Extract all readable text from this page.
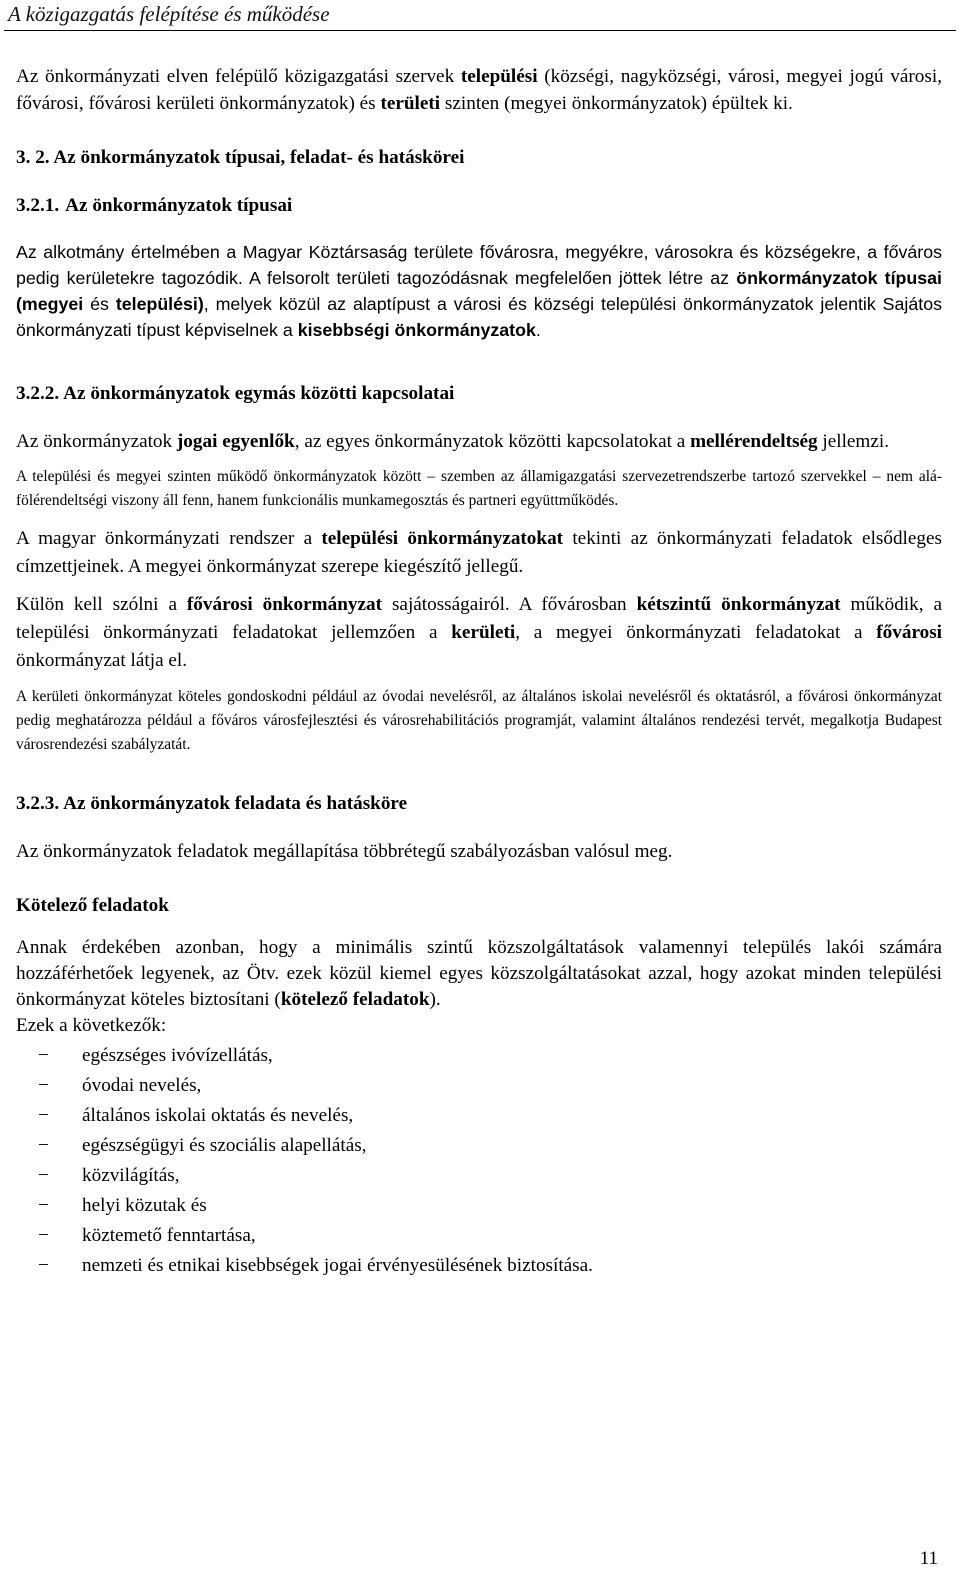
A közigazgatás felépítése és működése

Az önkormányzati elven felépülő közigazgatási szervek települési (községi, nagyközségi, városi, megyei jogú városi, fővárosi, fővárosi kerületi önkormányzatok) és területi szinten (megyei önkormányzatok) épültek ki.

3. 2. Az önkormányzatok típusai, feladat- és hatáskörei
3.2.1. Az önkormányzatok típusai

Az alkotmány értelmében a Magyar Köztársaság területe fővárosra, megyékre, városokra és községekre, a főváros pedig kerületekre tagozódik. A felsorolt területi tagozódásnak megfelelően jöttek létre az önkormányzatok típusai (megyei és települési), melyek közül az alaptípust a városi és községi települési önkormányzatok jelentik Sajátos önkormányzati típust képviselnek a kisebbségi önkormányzatok.

3.2.2. Az önkormányzatok egymás közötti kapcsolatai

Az önkormányzatok jogai egyenlők, az egyes önkormányzatok közötti kapcsolatokat a mellérendeltség jellemzi.

A települési és megyei szinten működő önkormányzatok között – szemben az államigazgatási szervezetrendszerbe tartozó szervekkel – nem alá-fölérendeltségi viszony áll fenn, hanem funkcionális munkamegosztás és partneri együttműködés.

A magyar önkormányzati rendszer a települési önkormányzatokat tekinti az önkormányzati feladatok elsődleges címzettjeinek. A megyei önkormányzat szerepe kiegészítő jellegű.

Külön kell szólni a fővárosi önkormányzat sajátosságairól. A fővárosban kétszintű önkormányzat működik, a települési önkormányzati feladatokat jellemzően a kerületi, a megyei önkormányzati feladatokat a fővárosi önkormányzat látja el.

A kerületi önkormányzat köteles gondoskodni például az óvodai nevelésről, az általános iskolai nevelésről és oktatásról, a fővárosi önkormányzat pedig meghatározza például a főváros városfejlesztési és városrehabilitációs programját, valamint általános rendezési tervét, megalkotja Budapest városrendezési szabályzatát.

3.2.3. Az önkormányzatok feladata és hatásköre

Az önkormányzatok feladatok megállapítása többrétegű szabályozásban valósul meg.

Kötelező feladatok

Annak érdekében azonban, hogy a minimális szintű közszolgáltatások valamennyi település lakói számára hozzáférhetőek legyenek, az Ötv. ezek közül kiemel egyes közszolgáltatásokat azzal, hogy azokat minden települési önkormányzat köteles biztosítani (kötelező feladatok).

Ezek a következők:

− egészséges ivóvízellátás,
− óvodai nevelés,
− általános iskolai oktatás és nevelés,
− egészségügyi és szociális alapellátás,
− közvilágítás,
− helyi közutak és
− köztemető fenntartása,
− nemzeti és etnikai kisebbségek jogai érvényesülésének biztosítása.
11
